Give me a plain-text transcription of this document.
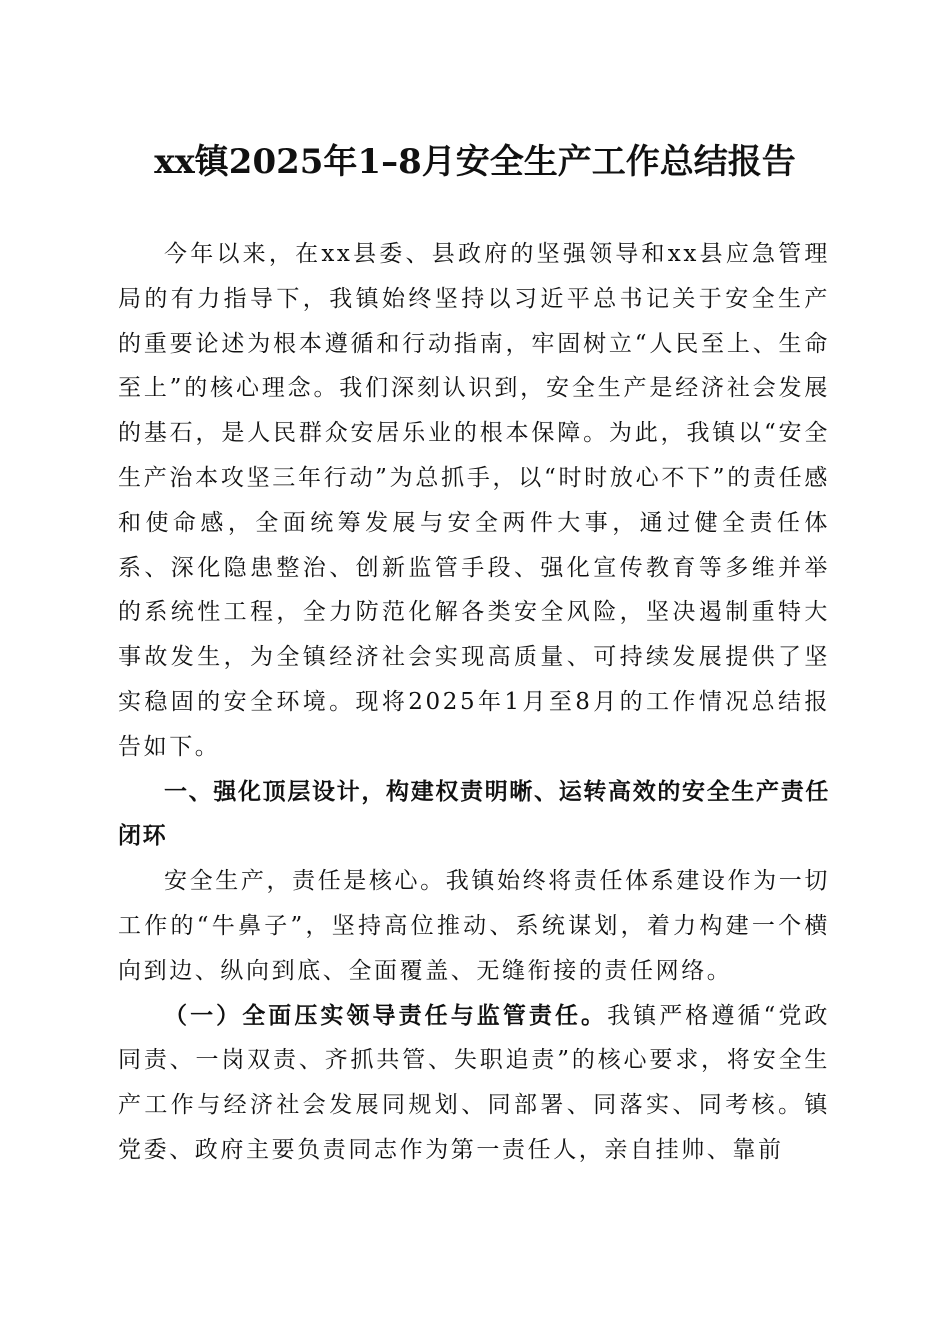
xx镇2025年1–8月安全生产工作总结报告

今年以来，在xx县委、县政府的坚强领导和xx县应急管理局的有力指导下，我镇始终坚持以习近平总书记关于安全生产的重要论述为根本遵循和行动指南，牢固树立“人民至上、生命至上”的核心理念。我们深刻认识到，安全生产是经济社会发展的基石，是人民群众安居乐业的根本保障。为此，我镇以“安全生产治本攻坚三年行动”为总抓手，以“时时放心不下”的责任感和使命感，全面统筹发展与安全两件大事，通过健全责任体系、深化隐患整治、创新监管手段、强化宣传教育等多维并举的系统性工程，全力防范化解各类安全风险，坚决遏制重特大事故发生，为全镇经济社会实现高质量、可持续发展提供了坚实稳固的安全环境。现将2025年1月至8月的工作情况总结报告如下。

一、强化顶层设计，构建权责明晰、运转高效的安全生产责任闭环

安全生产，责任是核心。我镇始终将责任体系建设作为一切工作的“牛鼻子”，坚持高位推动、系统谋划，着力构建一个横向到边、纵向到底、全面覆盖、无缝衔接的责任网络。

（一）全面压实领导责任与监管责任。我镇严格遵循“党政同责、一岗双责、齐抓共管、失职追责”的核心要求，将安全生产工作与经济社会发展同规划、同部署、同落实、同考核。镇党委、政府主要负责同志作为第一责任人，亲自挂帅、靠前
